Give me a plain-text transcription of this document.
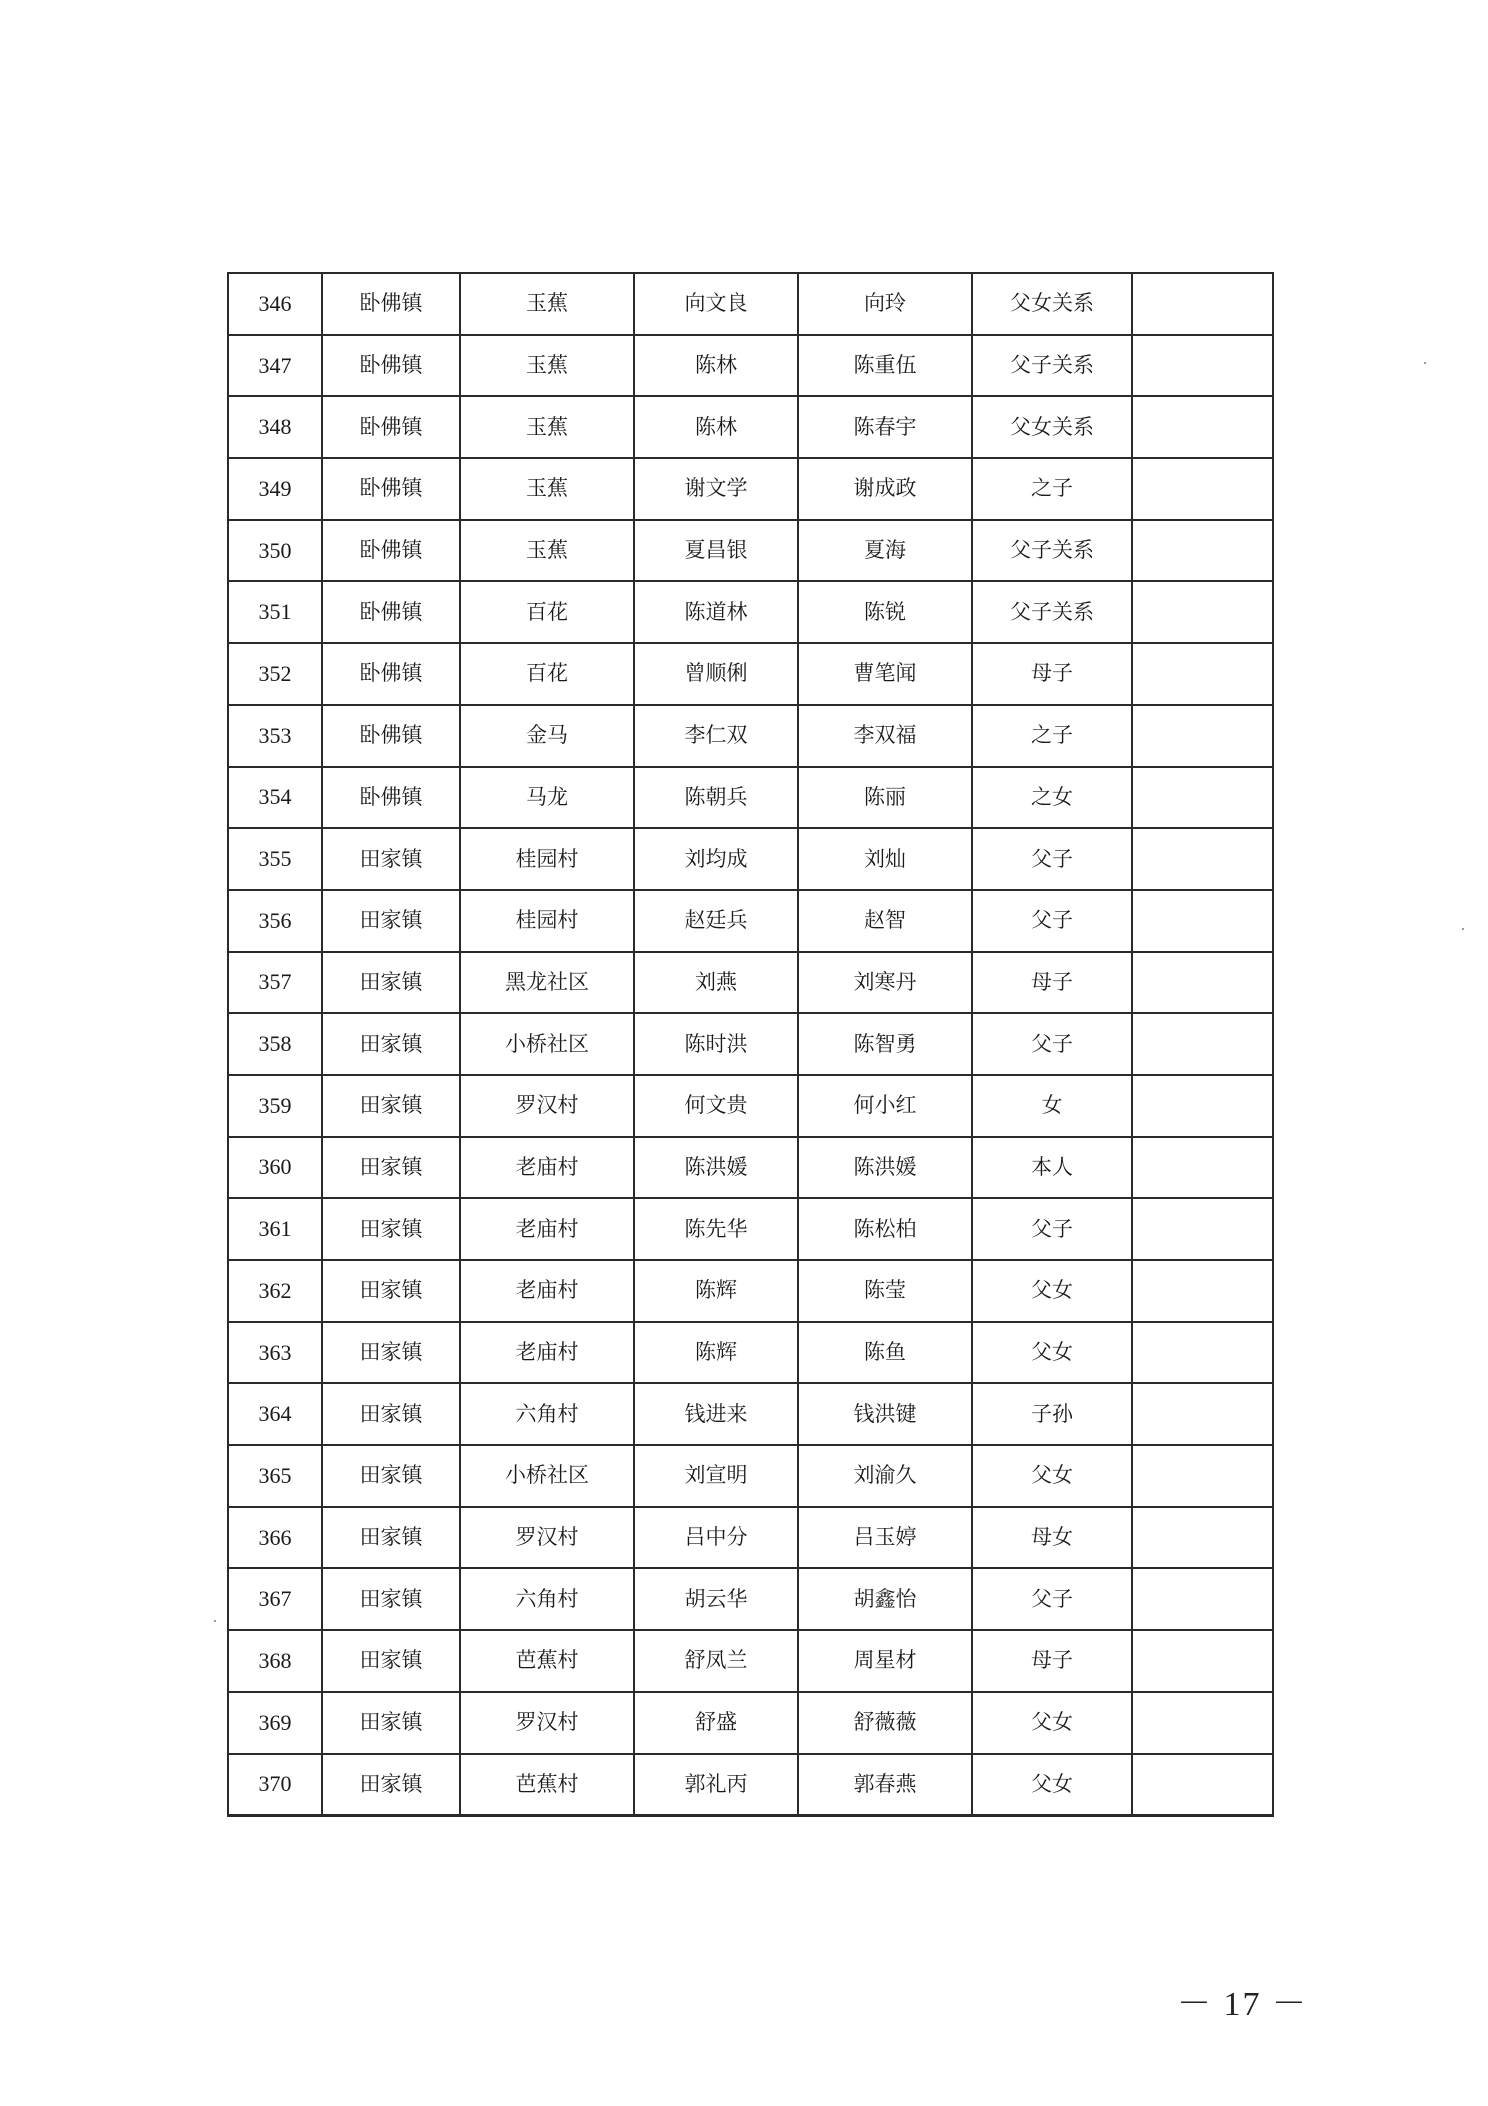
346	卧佛镇	玉蕉	向文良	向玲	父女关系	
347	卧佛镇	玉蕉	陈林	陈重伍	父子关系	
348	卧佛镇	玉蕉	陈林	陈春宇	父女关系	
349	卧佛镇	玉蕉	谢文学	谢成政	之子	
350	卧佛镇	玉蕉	夏昌银	夏海	父子关系	
351	卧佛镇	百花	陈道林	陈锐	父子关系	
352	卧佛镇	百花	曾顺俐	曹笔闻	母子	
353	卧佛镇	金马	李仁双	李双福	之子	
354	卧佛镇	马龙	陈朝兵	陈丽	之女	
355	田家镇	桂园村	刘均成	刘灿	父子	
356	田家镇	桂园村	赵廷兵	赵智	父子	
357	田家镇	黑龙社区	刘燕	刘寒丹	母子	
358	田家镇	小桥社区	陈时洪	陈智勇	父子	
359	田家镇	罗汉村	何文贵	何小红	女	
360	田家镇	老庙村	陈洪媛	陈洪媛	本人	
361	田家镇	老庙村	陈先华	陈松柏	父子	
362	田家镇	老庙村	陈辉	陈莹	父女	
363	田家镇	老庙村	陈辉	陈鱼	父女	
364	田家镇	六角村	钱进来	钱洪键	子孙	
365	田家镇	小桥社区	刘宣明	刘渝久	父女	
366	田家镇	罗汉村	吕中分	吕玉婷	母女	
367	田家镇	六角村	胡云华	胡鑫怡	父子	
368	田家镇	芭蕉村	舒凤兰	周星材	母子	
369	田家镇	罗汉村	舒盛	舒薇薇	父女	
370	田家镇	芭蕉村	郭礼丙	郭春燕	父女	
－ 17 －
